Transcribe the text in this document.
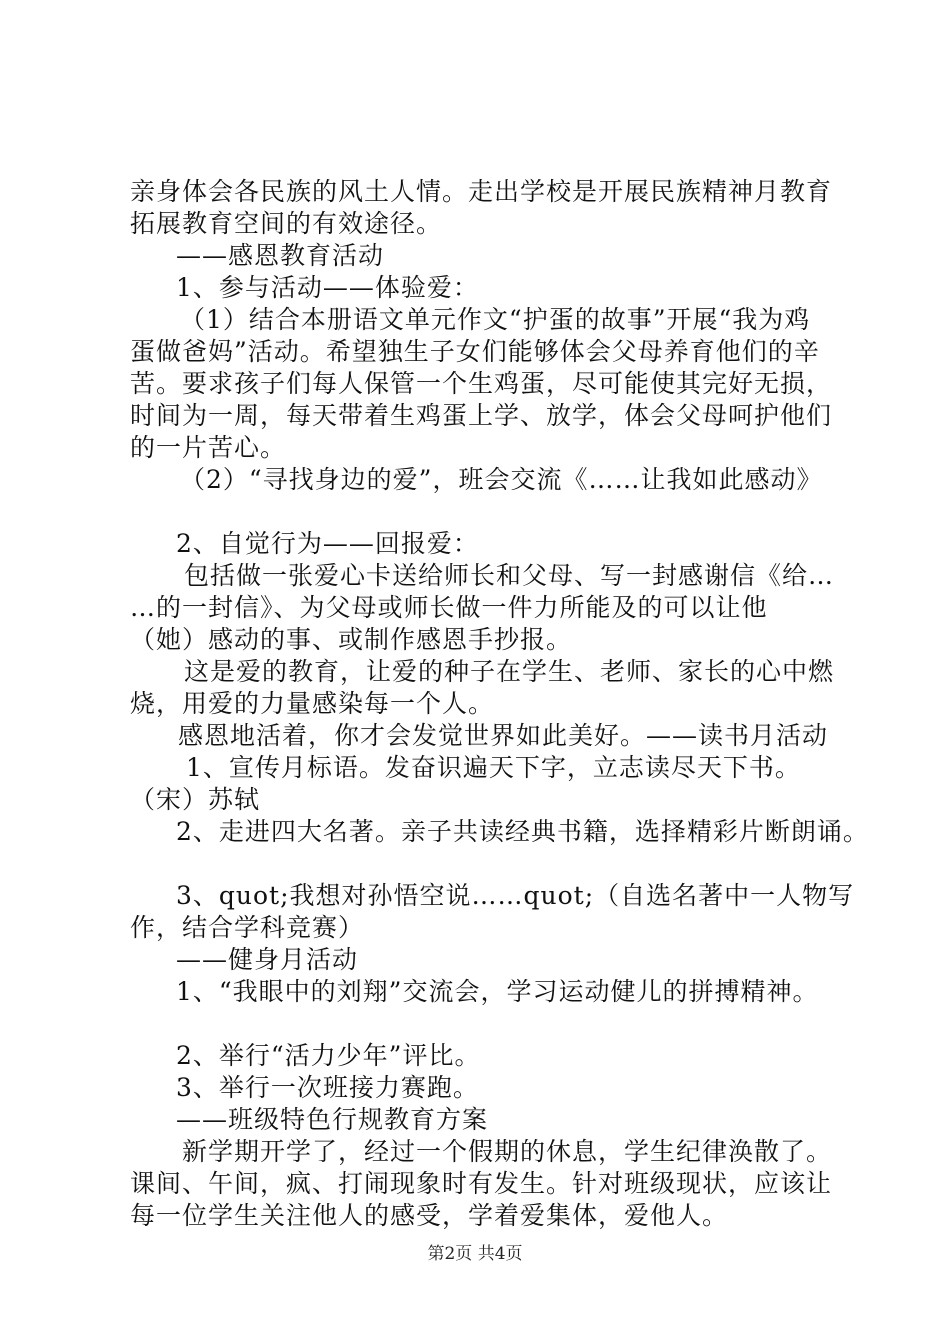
亲身体会各民族的风土人情。走出学校是开展民族精神月教育
拓展教育空间的有效途径。
——感恩教育活动
1、参与活动——体验爱：
（1）结合本册语文单元作文“护蛋的故事”开展“我为鸡
蛋做爸妈”活动。希望独生子女们能够体会父母养育他们的辛
苦。要求孩子们每人保管一个生鸡蛋，尽可能使其完好无损，
时间为一周，每天带着生鸡蛋上学、放学，体会父母呵护他们
的一片苦心。
（2）“寻找身边的爱”，班会交流《……让我如此感动》
2、自觉行为——回报爱：
包括做一张爱心卡送给师长和父母、写一封感谢信《给…
…的一封信》、为父母或师长做一件力所能及的可以让他
（她）感动的事、或制作感恩手抄报。
这是爱的教育，让爱的种子在学生、老师、家长的心中燃
烧，用爱的力量感染每一个人。
感恩地活着，你才会发觉世界如此美好。——读书月活动
1、宣传月标语。发奋识遍天下字，立志读尽天下书。
（宋）苏轼
2、走进四大名著。亲子共读经典书籍，选择精彩片断朗诵。
3、quot;我想对孙悟空说……quot;（自选名著中一人物写
作，结合学科竞赛）
——健身月活动
1、“我眼中的刘翔”交流会，学习运动健儿的拼搏精神。
2、举行“活力少年”评比。
3、举行一次班接力赛跑。
——班级特色行规教育方案
新学期开学了，经过一个假期的休息，学生纪律涣散了。
课间、午间，疯、打闹现象时有发生。针对班级现状，应该让
每一位学生关注他人的感受，学着爱集体，爱他人。
第2页 共4页
